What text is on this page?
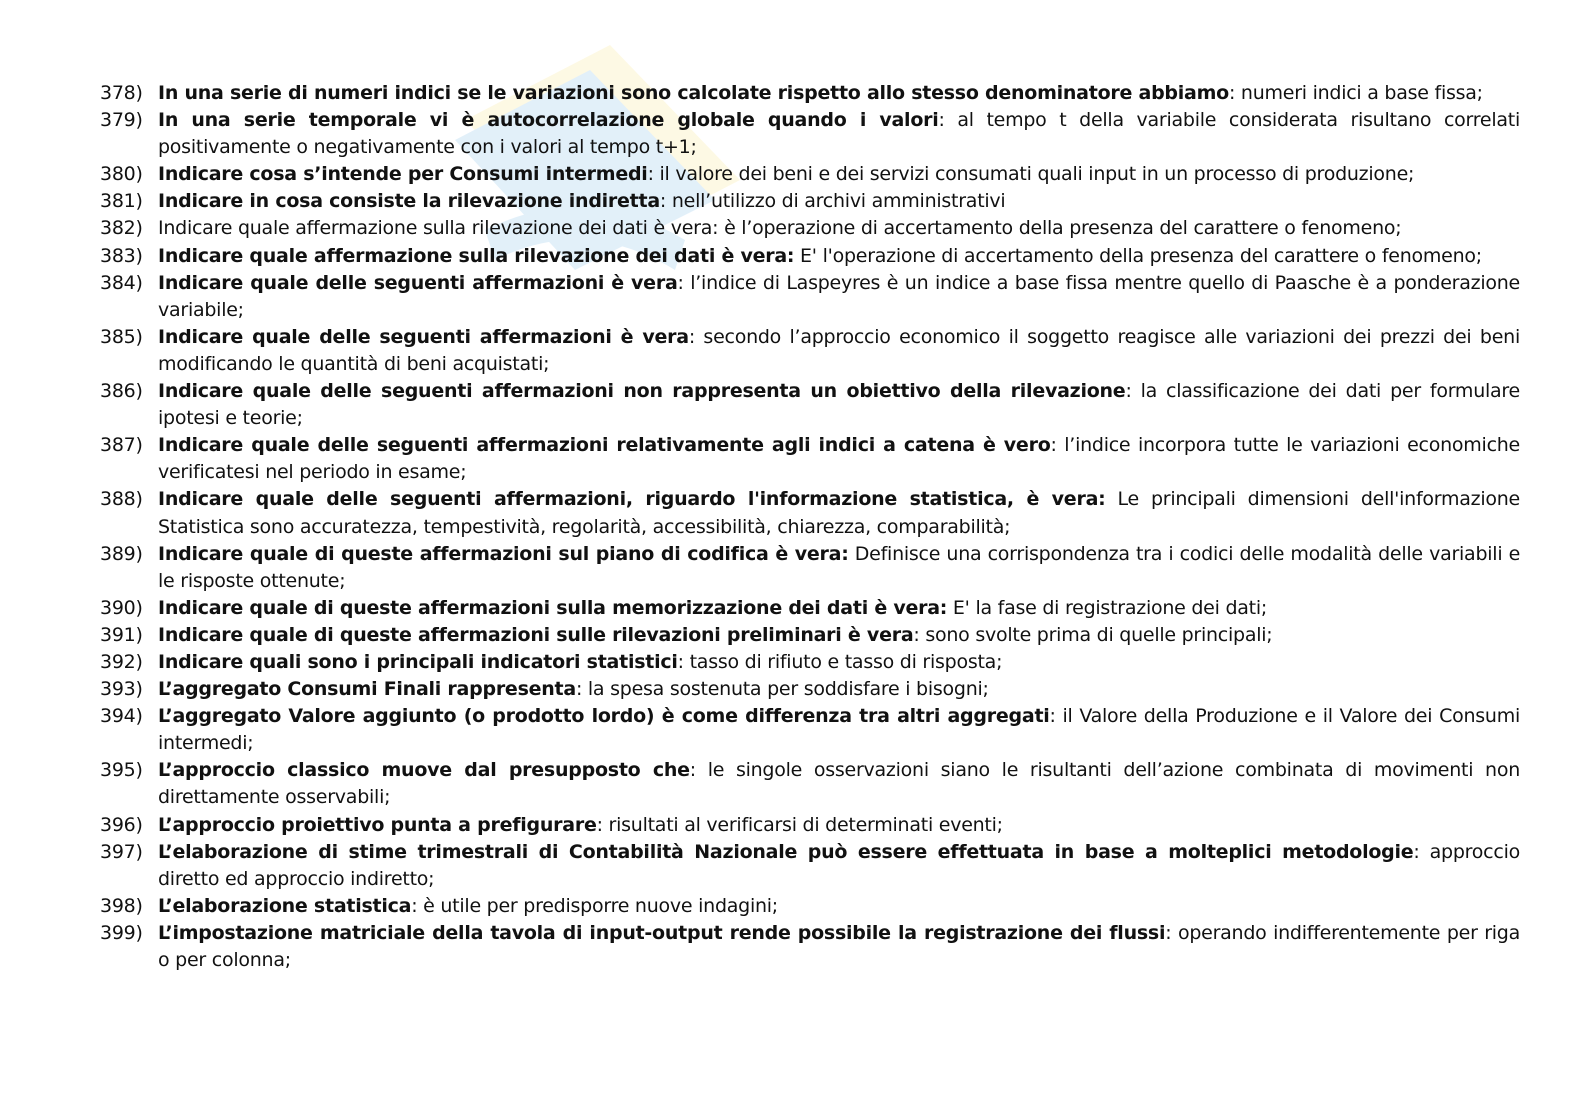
378) In una serie di numeri indici se le variazioni sono calcolate rispetto allo stesso denominatore abbiamo: numeri indici a base fissa;
379) In una serie temporale vi è autocorrelazione globale quando i valori: al tempo t della variabile considerata risultano correlati positivamente o negativamente con i valori al tempo t+1;
380) Indicare cosa s’intende per Consumi intermedi: il valore dei beni e dei servizi consumati quali input in un processo di produzione;
381) Indicare in cosa consiste la rilevazione indiretta: nell’utilizzo di archivi amministrativi
382) Indicare quale affermazione sulla rilevazione dei dati è vera: è l’operazione di accertamento della presenza del carattere o fenomeno;
383) Indicare quale affermazione sulla rilevazione dei dati è vera: E' l'operazione di accertamento della presenza del carattere o fenomeno;
384) Indicare quale delle seguenti affermazioni è vera: l’indice di Laspeyres è un indice a base fissa mentre quello di Paasche è a ponderazione variabile;
385) Indicare quale delle seguenti affermazioni è vera: secondo l’approccio economico il soggetto reagisce alle variazioni dei prezzi dei beni modificando le quantità di beni acquistati;
386) Indicare quale delle seguenti affermazioni non rappresenta un obiettivo della rilevazione: la classificazione dei dati per formulare ipotesi e teorie;
387) Indicare quale delle seguenti affermazioni relativamente agli indici a catena è vero: l’indice incorpora tutte le variazioni economiche verificatesi nel periodo in esame;
388) Indicare quale delle seguenti affermazioni, riguardo l'informazione statistica, è vera: Le principali dimensioni dell'informazione Statistica sono accuratezza, tempestività, regolarità, accessibilità, chiarezza, comparabilità;
389) Indicare quale di queste affermazioni sul piano di codifica è vera: Definisce una corrispondenza tra i codici delle modalità delle variabili e le risposte ottenute;
390) Indicare quale di queste affermazioni sulla memorizzazione dei dati è vera: E' la fase di registrazione dei dati;
391) Indicare quale di queste affermazioni sulle rilevazioni preliminari è vera: sono svolte prima di quelle principali;
392) Indicare quali sono i principali indicatori statistici: tasso di rifiuto e tasso di risposta;
393) L’aggregato Consumi Finali rappresenta: la spesa sostenuta per soddisfare i bisogni;
394) L’aggregato Valore aggiunto (o prodotto lordo) è come differenza tra altri aggregati: il Valore della Produzione e il Valore dei Consumi intermedi;
395) L’approccio classico muove dal presupposto che: le singole osservazioni siano le risultanti dell’azione combinata di movimenti non direttamente osservabili;
396) L’approccio proiettivo punta a prefigurare: risultati al verificarsi di determinati eventi;
397) L’elaborazione di stime trimestrali di Contabilità Nazionale può essere effettuata in base a molteplici metodologie: approccio diretto ed approccio indiretto;
398) L’elaborazione statistica: è utile per predisporre nuove indagini;
399) L’impostazione matriciale della tavola di input-output rende possibile la registrazione dei flussi: operando indifferentemente per riga o per colonna;
